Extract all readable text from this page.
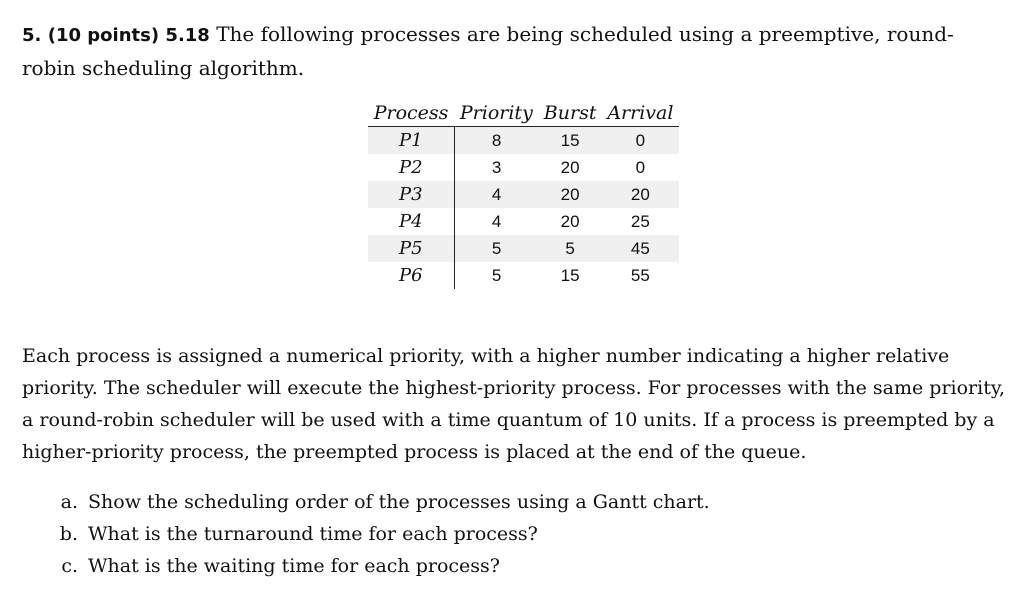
5. (10 points) 5.18 The following processes are being scheduled using a preemptive, round-robin scheduling algorithm.
Process	Priority	Burst	Arrival
P1	8	15	0
P2	3	20	0
P3	4	20	20
P4	4	20	25
P5	5	5	45
P6	5	15	55
Each process is assigned a numerical priority, with a higher number indicating a higher relative priority. The scheduler will execute the highest-priority process. For processes with the same priority, a round-robin scheduler will be used with a time quantum of 10 units. If a process is preempted by a higher-priority process, the preempted process is placed at the end of the queue.
a. Show the scheduling order of the processes using a Gantt chart.
b. What is the turnaround time for each process?
c. What is the waiting time for each process?
